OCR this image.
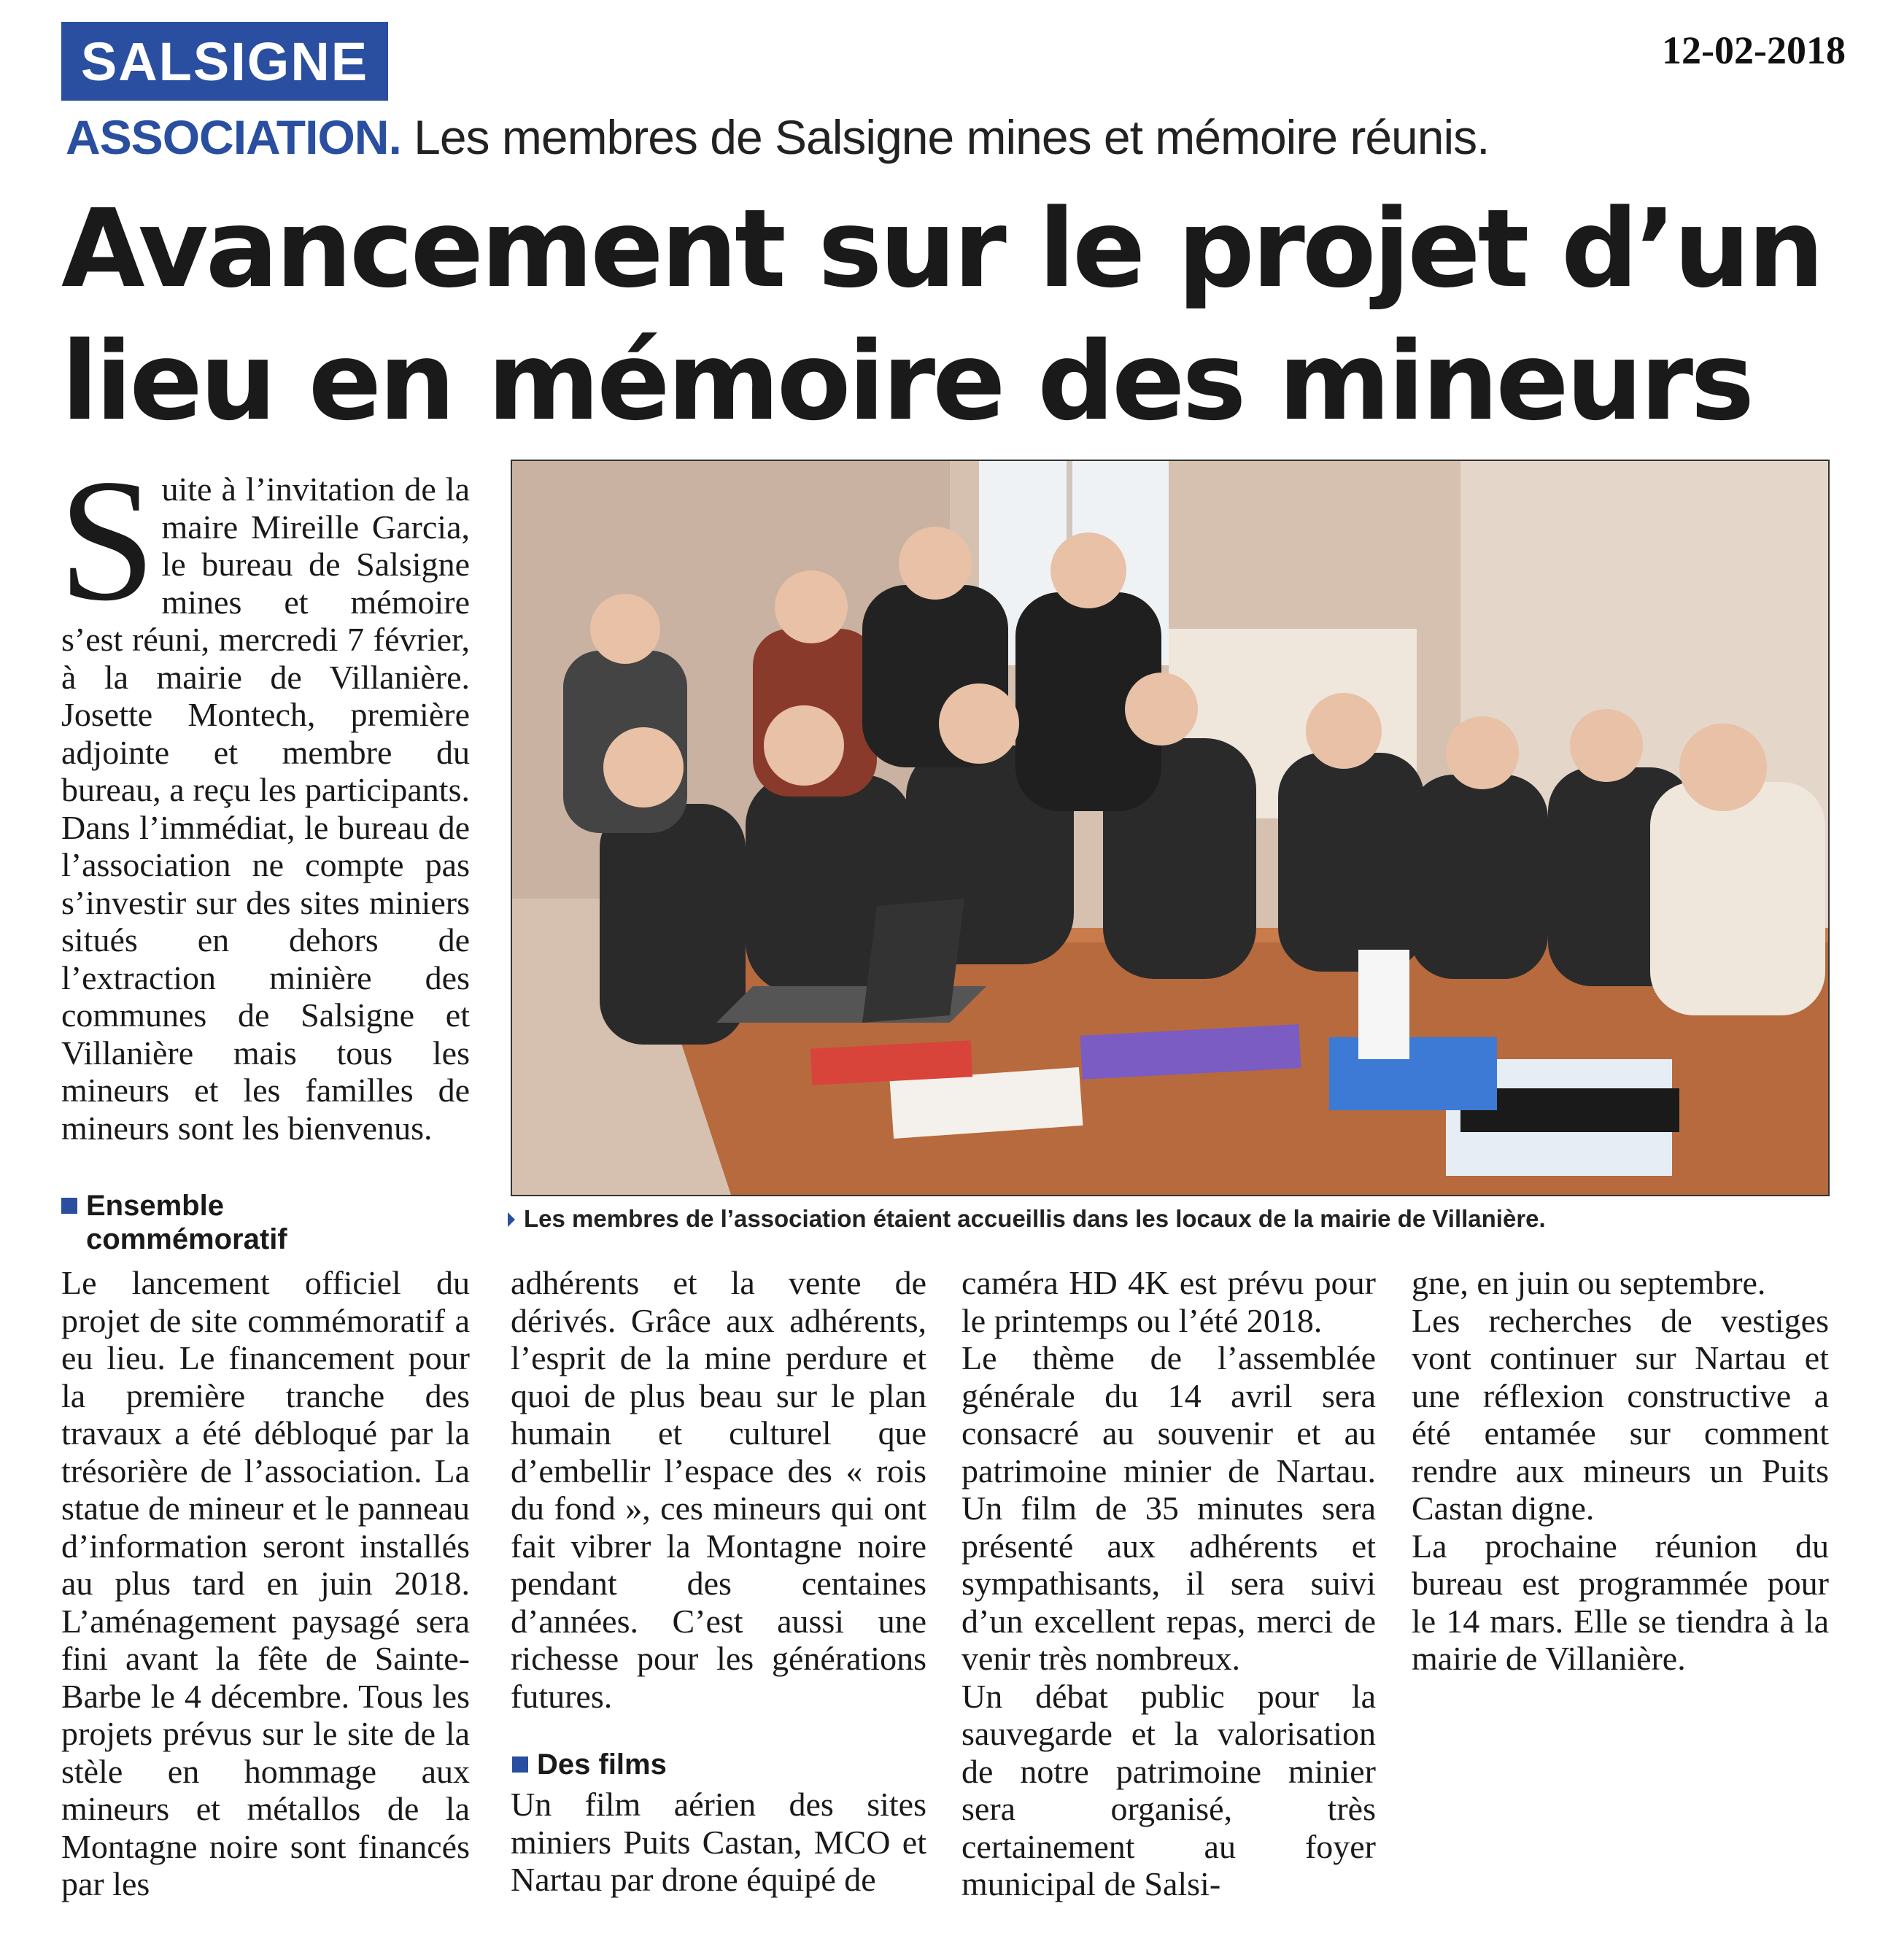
SALSIGNE	12-02-2018
ASSOCIATION. Les membres de Salsigne mines et mémoire réunis.
Avancement sur le projet d’un
lieu en mémoire des mineurs
Suite à l’invitation de la maire Mireille Garcia, le bureau de Salsigne mines et mémoire s’est réuni, mercredi 7 février, à la mairie de Villanière. Josette Montech, première adjointe et membre du bureau, a reçu les participants. Dans l’immédiat, le bureau de l’association ne compte pas s’investir sur des sites miniers situés en dehors de l’extraction minière des communes de Salsigne et Villanière mais tous les mineurs et les familles de mineurs sont les bienvenus.
Les membres de l’association étaient accueillis dans les locaux de la mairie de Villanière.
Ensemble commémoratif
Le lancement officiel du projet de site commémoratif a eu lieu. Le financement pour la première tranche des travaux a été débloqué par la trésorière de l’association. La statue de mineur et le panneau d’information seront installés au plus tard en juin 2018. L’aménagement paysagé sera fini avant la fête de Sainte-Barbe le 4 décembre. Tous les projets prévus sur le site de la stèle en hommage aux mineurs et métallos de la Montagne noire sont financés par les
adhérents et la vente de dérivés. Grâce aux adhérents, l’esprit de la mine perdure et quoi de plus beau sur le plan humain et culturel que d’embellir l’espace des « rois du fond », ces mineurs qui ont fait vibrer la Montagne noire pendant des centaines d’années. C’est aussi une richesse pour les générations futures.
Des films
Un film aérien des sites miniers Puits Castan, MCO et Nartau par drone équipé de
caméra HD 4K est prévu pour le printemps ou l’été 2018.
Le thème de l’assemblée générale du 14 avril sera consacré au souvenir et au patrimoine minier de Nartau. Un film de 35 minutes sera présenté aux adhérents et sympathisants, il sera suivi d’un excellent repas, merci de venir très nombreux.
Un débat public pour la sauvegarde et la valorisation de notre patrimoine minier sera organisé, très certainement au foyer municipal de Salsi-
gne, en juin ou septembre.
Les recherches de vestiges vont continuer sur Nartau et une réflexion constructive a été entamée sur comment rendre aux mineurs un Puits Castan digne.
La prochaine réunion du bureau est programmée pour le 14 mars. Elle se tiendra à la mairie de Villanière.
